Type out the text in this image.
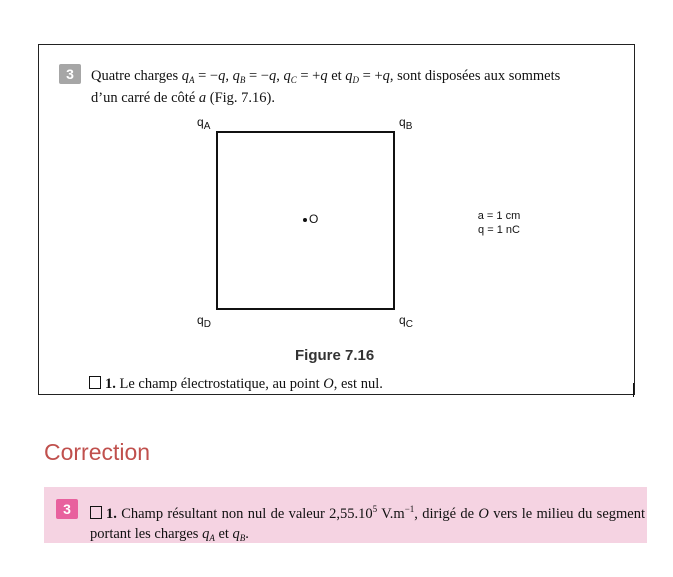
3	Quatre charges $q_A = -q$, $q_B = -q$, $q_C = +q$ et $q_D = +q$, sont disposées aux sommets
d’un carré de côté a (Fig. 7.16).
$q_A$	$q_B$
$q_C$
$q_D$
O	a = 1 cm
q = 1 nC
Figure 7.16
1. Le champ électrostatique, au point O, est nul.
Correction
3	1. Champ résultant non nul de valeur 2,55.10$^5$ $V.m^{-1}$, dirigé de O vers le milieu du segment portant les charges $q_A$ et $q_B$.
